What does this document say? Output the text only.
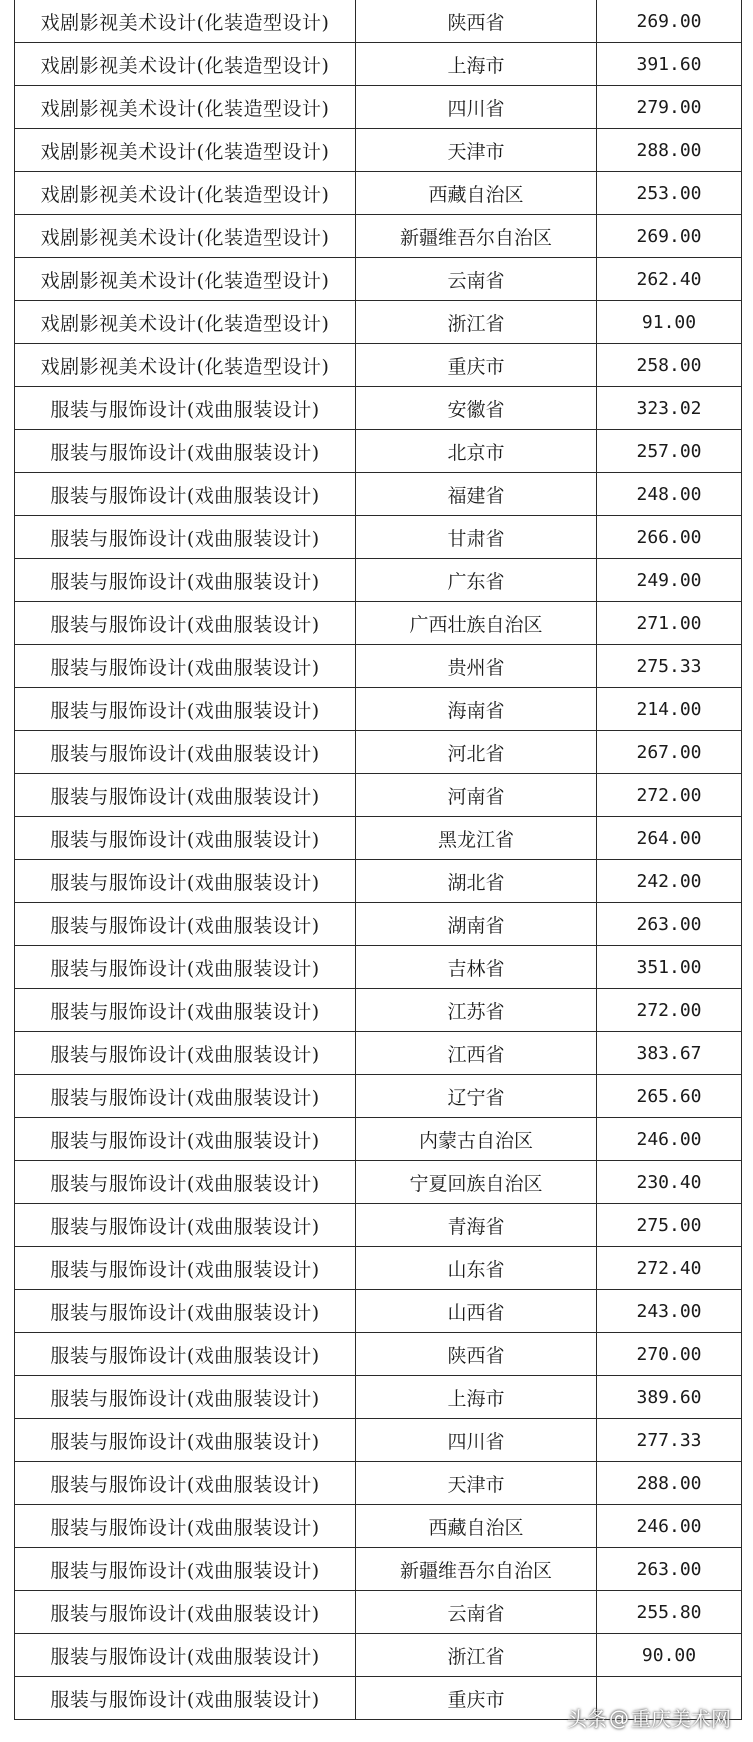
戏剧影视美术设计(化装造型设计)	陕西省	269.00
戏剧影视美术设计(化装造型设计)	上海市	391.60
戏剧影视美术设计(化装造型设计)	四川省	279.00
戏剧影视美术设计(化装造型设计)	天津市	288.00
戏剧影视美术设计(化装造型设计)	西藏自治区	253.00
戏剧影视美术设计(化装造型设计)	新疆维吾尔自治区	269.00
戏剧影视美术设计(化装造型设计)	云南省	262.40
戏剧影视美术设计(化装造型设计)	浙江省	91.00
戏剧影视美术设计(化装造型设计)	重庆市	258.00
服装与服饰设计(戏曲服装设计)	安徽省	323.02
服装与服饰设计(戏曲服装设计)	北京市	257.00
服装与服饰设计(戏曲服装设计)	福建省	248.00
服装与服饰设计(戏曲服装设计)	甘肃省	266.00
服装与服饰设计(戏曲服装设计)	广东省	249.00
服装与服饰设计(戏曲服装设计)	广西壮族自治区	271.00
服装与服饰设计(戏曲服装设计)	贵州省	275.33
服装与服饰设计(戏曲服装设计)	海南省	214.00
服装与服饰设计(戏曲服装设计)	河北省	267.00
服装与服饰设计(戏曲服装设计)	河南省	272.00
服装与服饰设计(戏曲服装设计)	黑龙江省	264.00
服装与服饰设计(戏曲服装设计)	湖北省	242.00
服装与服饰设计(戏曲服装设计)	湖南省	263.00
服装与服饰设计(戏曲服装设计)	吉林省	351.00
服装与服饰设计(戏曲服装设计)	江苏省	272.00
服装与服饰设计(戏曲服装设计)	江西省	383.67
服装与服饰设计(戏曲服装设计)	辽宁省	265.60
服装与服饰设计(戏曲服装设计)	内蒙古自治区	246.00
服装与服饰设计(戏曲服装设计)	宁夏回族自治区	230.40
服装与服饰设计(戏曲服装设计)	青海省	275.00
服装与服饰设计(戏曲服装设计)	山东省	272.40
服装与服饰设计(戏曲服装设计)	山西省	243.00
服装与服饰设计(戏曲服装设计)	陕西省	270.00
服装与服饰设计(戏曲服装设计)	上海市	389.60
服装与服饰设计(戏曲服装设计)	四川省	277.33
服装与服饰设计(戏曲服装设计)	天津市	288.00
服装与服饰设计(戏曲服装设计)	西藏自治区	246.00
服装与服饰设计(戏曲服装设计)	新疆维吾尔自治区	263.00
服装与服饰设计(戏曲服装设计)	云南省	255.80
服装与服饰设计(戏曲服装设计)	浙江省	90.00
服装与服饰设计(戏曲服装设计)	重庆市	
头条 @ 重庆美术网
